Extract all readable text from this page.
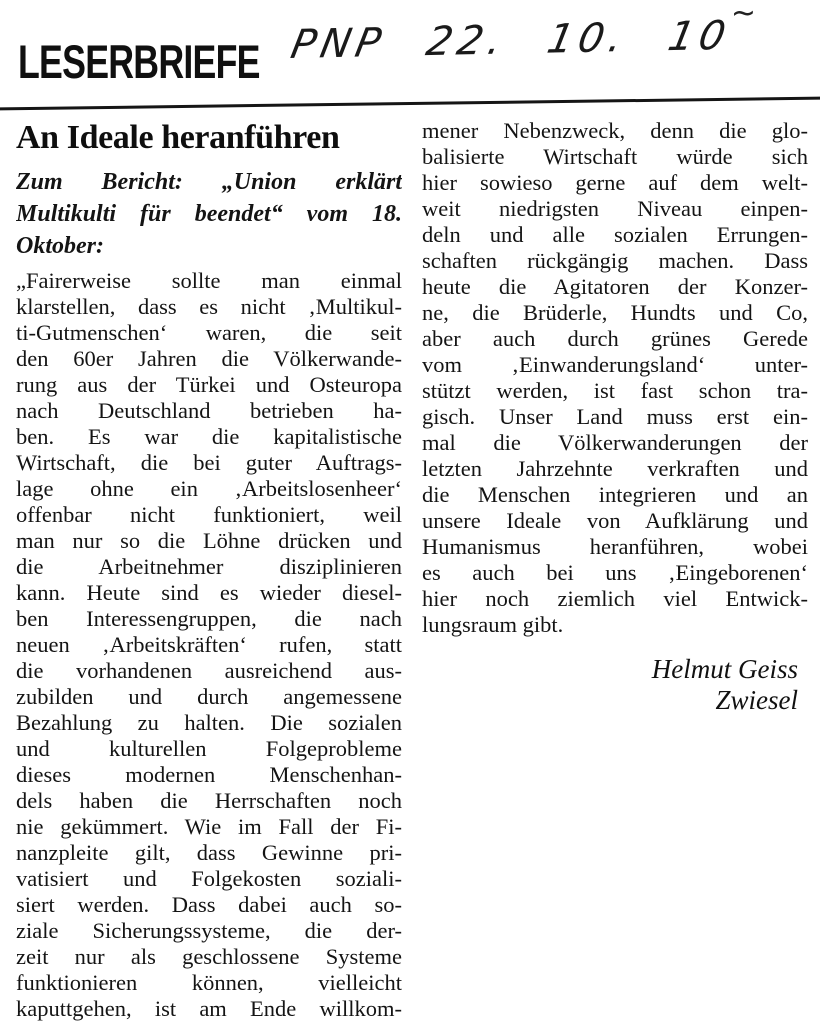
~
LESERBRIEFE PNP 22. 10. 10
An Ideale heranführen
Zum Bericht: „Union erklärt
Multikulti für beendet“ vom 18.
Oktober:
„Fairerweise sollte man einmal
klarstellen, dass es nicht ‚Multikul-
ti-Gutmenschen‘ waren, die seit
den 60er Jahren die Völkerwande-
rung aus der Türkei und Osteuropa
nach Deutschland betrieben ha-
ben. Es war die kapitalistische
Wirtschaft, die bei guter Auftrags-
lage ohne ein ‚Arbeitslosenheer‘
offenbar nicht funktioniert, weil
man nur so die Löhne drücken und
die Arbeitnehmer disziplinieren
kann. Heute sind es wieder diesel-
ben Interessengruppen, die nach
neuen ‚Arbeitskräften‘ rufen, statt
die vorhandenen ausreichend aus-
zubilden und durch angemessene
Bezahlung zu halten. Die sozialen
und kulturellen Folgeprobleme
dieses modernen Menschenhan-
dels haben die Herrschaften noch
nie gekümmert. Wie im Fall der Fi-
nanzpleite gilt, dass Gewinne pri-
vatisiert und Folgekosten soziali-
siert werden. Dass dabei auch so-
ziale Sicherungssysteme, die der-
zeit nur als geschlossene Systeme
funktionieren können, vielleicht
kaputtgehen, ist am Ende willkom-
mener Nebenzweck, denn die glo-
balisierte Wirtschaft würde sich
hier sowieso gerne auf dem welt-
weit niedrigsten Niveau einpen-
deln und alle sozialen Errungen-
schaften rückgängig machen. Dass
heute die Agitatoren der Konzer-
ne, die Brüderle, Hundts und Co,
aber auch durch grünes Gerede
vom ‚Einwanderungsland‘ unter-
stützt werden, ist fast schon tra-
gisch. Unser Land muss erst ein-
mal die Völkerwanderungen der
letzten Jahrzehnte verkraften und
die Menschen integrieren und an
unsere Ideale von Aufklärung und
Humanismus heranführen, wobei
es auch bei uns ‚Eingeborenen‘
hier noch ziemlich viel Entwick-
lungsraum gibt.
Helmut Geiss
Zwiesel
